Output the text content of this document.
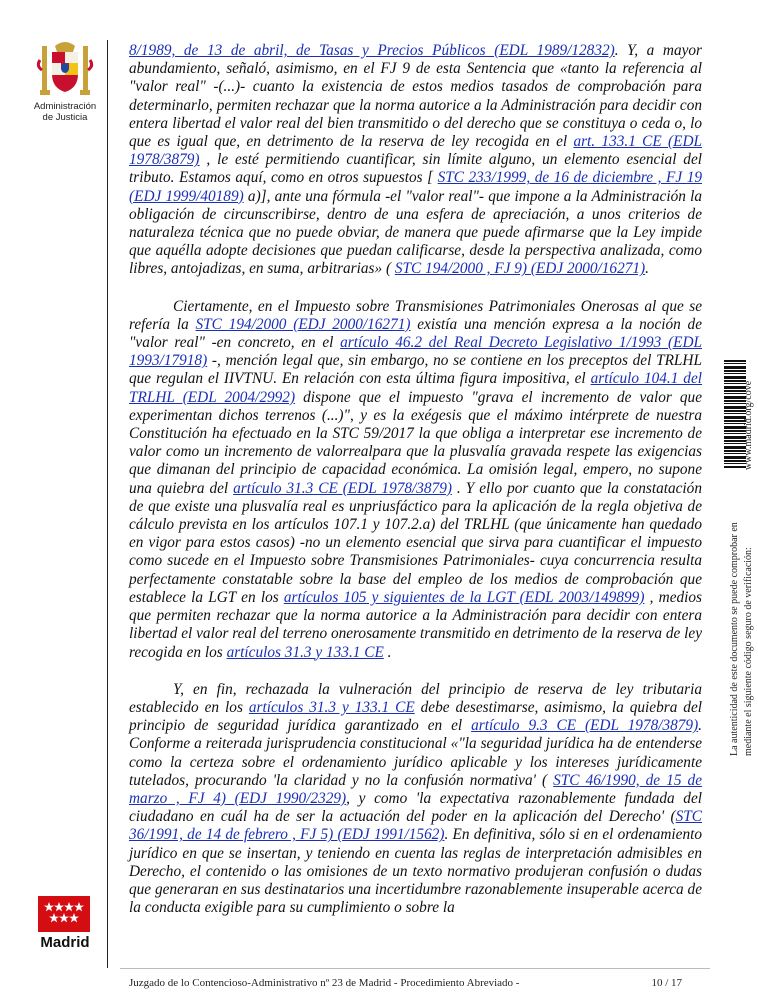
Administración
de Justicia
Madrid

8/1989, de 13 de abril, de Tasas y Precios Públicos (EDL 1989/12832). Y, a mayor abundamiento, señaló, asimismo, en el FJ 9 de esta Sentencia que «tanto la referencia al "valor real" -(...)- cuanto la existencia de estos medios tasados de comprobación para determinarlo, permiten rechazar que la norma autorice a la Administración para decidir con entera libertad el valor real del bien transmitido o del derecho que se constituya o ceda o, lo que es igual que, en detrimento de la reserva de ley recogida en el art. 133.1 CE (EDL 1978/3879) , le esté permitiendo cuantificar, sin límite alguno, un elemento esencial del tributo. Estamos aquí, como en otros supuestos [ STC 233/1999, de 16 de diciembre , FJ 19 (EDJ 1999/40189) a)], ante una fórmula -el "valor real"- que impone a la Administración la obligación de circunscribirse, dentro de una esfera de apreciación, a unos criterios de naturaleza técnica que no puede obviar, de manera que puede afirmarse que la Ley impide que aquélla adopte decisiones que puedan calificarse, desde la perspectiva analizada, como libres, antojadizas, en suma, arbitrarias» ( STC 194/2000 , FJ 9) (EDJ 2000/16271).

Ciertamente, en el Impuesto sobre Transmisiones Patrimoniales Onerosas al que se refería la STC 194/2000 (EDJ 2000/16271) existía una mención expresa a la noción de "valor real" -en concreto, en el artículo 46.2 del Real Decreto Legislativo 1/1993 (EDL 1993/17918) -, mención legal que, sin embargo, no se contiene en los preceptos del TRLHL que regulan el IIVTNU. En relación con esta última figura impositiva, el artículo 104.1 del TRLHL (EDL 2004/2992) dispone que el impuesto "grava el incremento de valor que experimentan dichos terrenos (...)", y es la exégesis que el máximo intérprete de nuestra Constitución ha efectuado en la STC 59/2017 la que obliga a interpretar ese incremento de valor como un incremento de valorrealpara que la plusvalía gravada respete las exigencias que dimanan del principio de capacidad económica. La omisión legal, empero, no supone una quiebra del artículo 31.3 CE (EDL 1978/3879) . Y ello por cuanto que la constatación de que existe una plusvalía real es unpriusfáctico para la aplicación de la regla objetiva de cálculo prevista en los artículos 107.1 y 107.2.a) del TRLHL (que únicamente han quedado en vigor para estos casos) -no un elemento esencial que sirva para cuantificar el impuesto como sucede en el Impuesto sobre Transmisiones Patrimoniales- cuya concurrencia resulta perfectamente constatable sobre la base del empleo de los medios de comprobación que establece la LGT en los artículos 105 y siguientes de la LGT (EDL 2003/149899) , medios que permiten rechazar que la norma autorice a la Administración para decidir con entera libertad el valor real del terreno onerosamente transmitido en detrimento de la reserva de ley recogida en los artículos 31.3 y 133.1 CE .

Y, en fin, rechazada la vulneración del principio de reserva de ley tributaria establecido en los artículos 31.3 y 133.1 CE debe desestimarse, asimismo, la quiebra del principio de seguridad jurídica garantizado en el artículo 9.3 CE (EDL 1978/3879). Conforme a reiterada jurisprudencia constitucional «"la seguridad jurídica ha de entenderse como la certeza sobre el ordenamiento jurídico aplicable y los intereses jurídicamente tutelados, procurando 'la claridad y no la confusión normativa' ( STC 46/1990, de 15 de marzo , FJ 4) (EDJ 1990/2329), y como 'la expectativa razonablemente fundada del ciudadano en cuál ha de ser la actuación del poder en la aplicación del Derecho' (STC 36/1991, de 14 de febrero , FJ 5) (EDJ 1991/1562). En definitiva, sólo si en el ordenamiento jurídico en que se insertan, y teniendo en cuenta las reglas de interpretación admisibles en Derecho, el contenido o las omisiones de un texto normativo produjeran confusión o dudas que generaran en sus destinatarios una incertidumbre razonablemente insuperable acerca de la conducta exigible para su cumplimiento o sobre la

www.madrid.org/cove
La autenticidad de este documento se puede comprobar en mediante el siguiente código seguro de verificación:
Juzgado de lo Contencioso-Administrativo nº 23 de Madrid - Procedimiento Abreviado -	10 / 17
